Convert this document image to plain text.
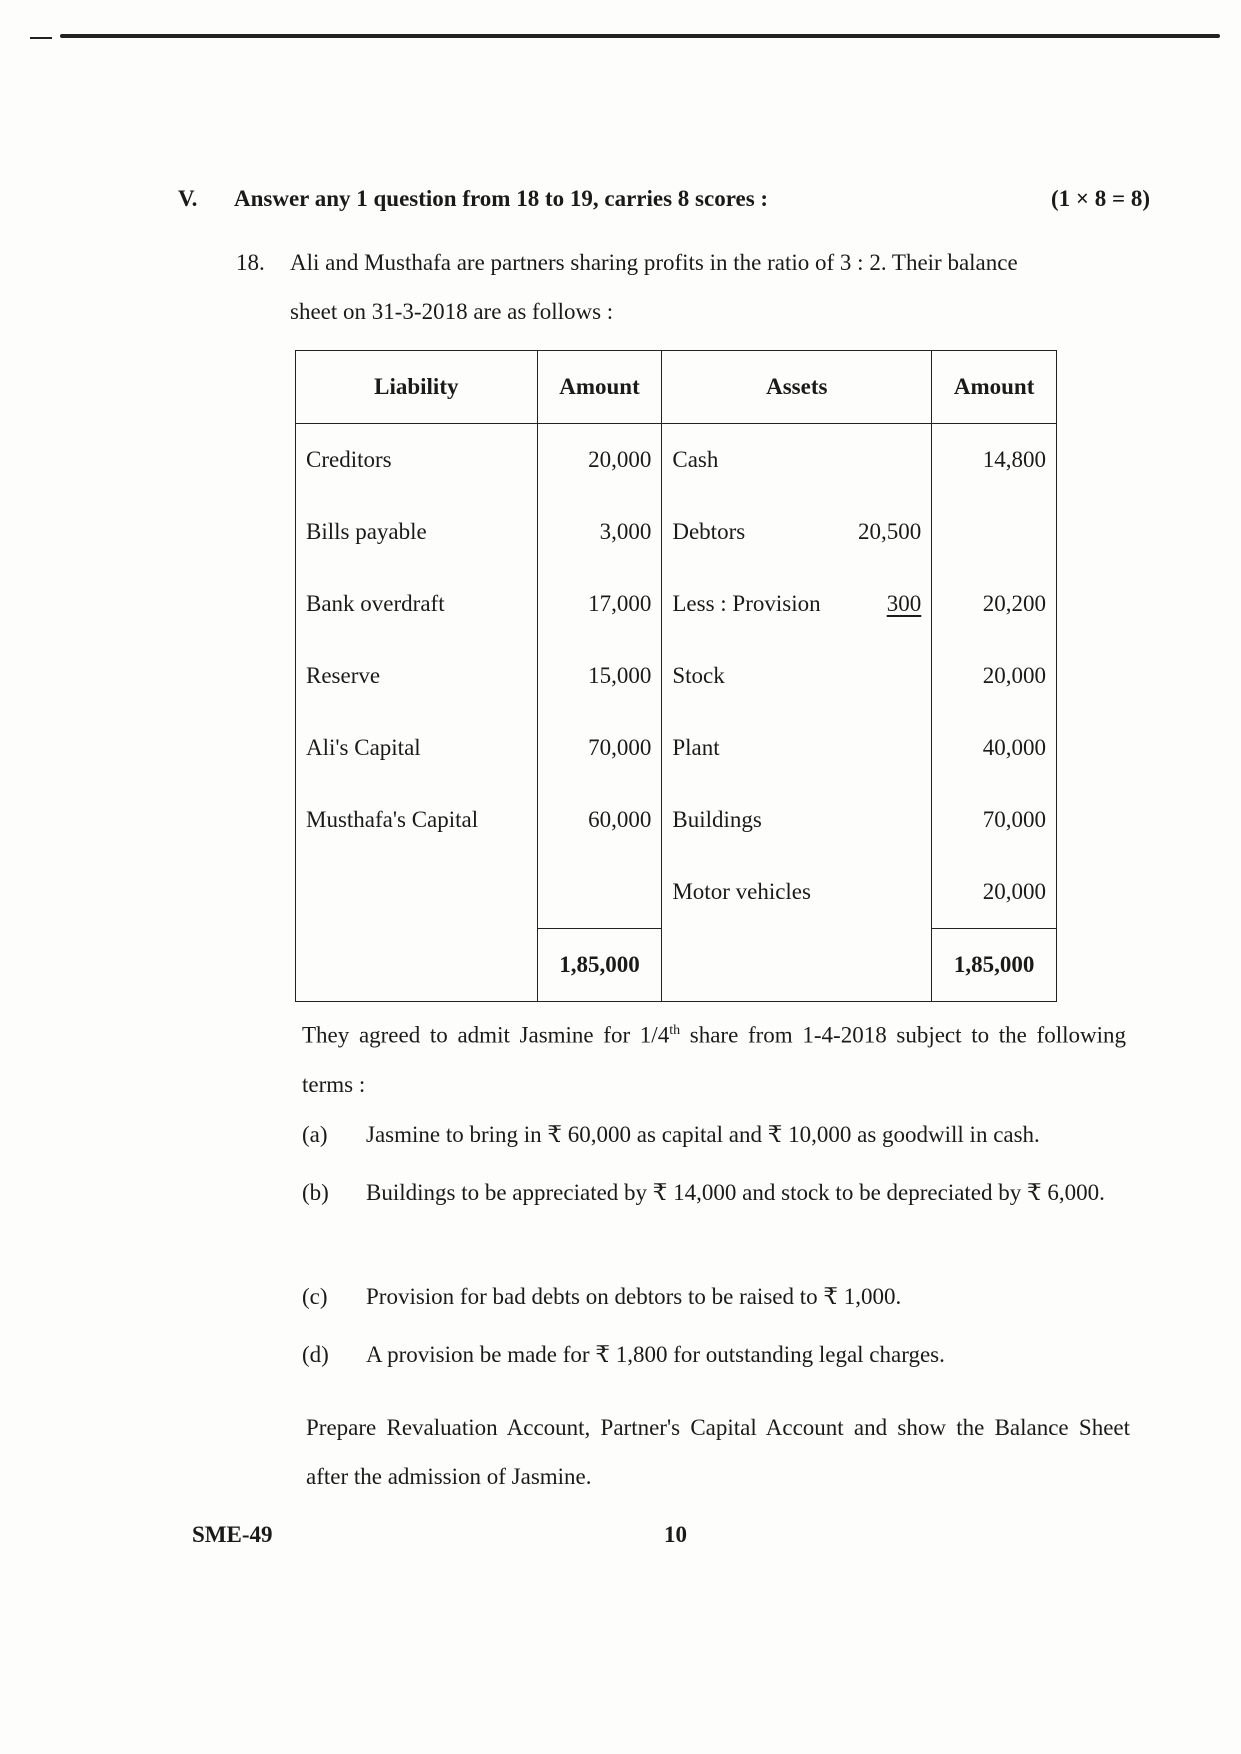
V. Answer any 1 question from 18 to 19, carries 8 scores :	(1 × 8 = 8)
18. Ali and Musthafa are partners sharing profits in the ratio of 3 : 2. Their balance
sheet on 31-3-2018 are as follows :
Liability	Amount	Assets	Amount
Creditors	20,000	Cash	14,800
Bills payable	3,000	Debtors 20,500	

Bank overdraft	17,000	Less : Provision 300	20,200
Reserve	15,000	Stock	20,000
Ali's Capital	70,000	Plant	40,000
Musthafa's Capital	60,000	Buildings	70,000

		Motor vehicles	20,000
	1,85,000		1,85,000
They agreed to admit Jasmine for 1/4th share from 1-4-2018 subject to the following terms :
(a) Jasmine to bring in ₹ 60,000 as capital and ₹ 10,000 as goodwill in cash.
(b) Buildings to be appreciated by ₹ 14,000 and stock to be depreciated by ₹ 6,000.
(c) Provision for bad debts on debtors to be raised to ₹ 1,000.
(d) A provision be made for ₹ 1,800 for outstanding legal charges.
Prepare Revaluation Account, Partner's Capital Account and show the Balance Sheet after the admission of Jasmine.
SME-49	10
